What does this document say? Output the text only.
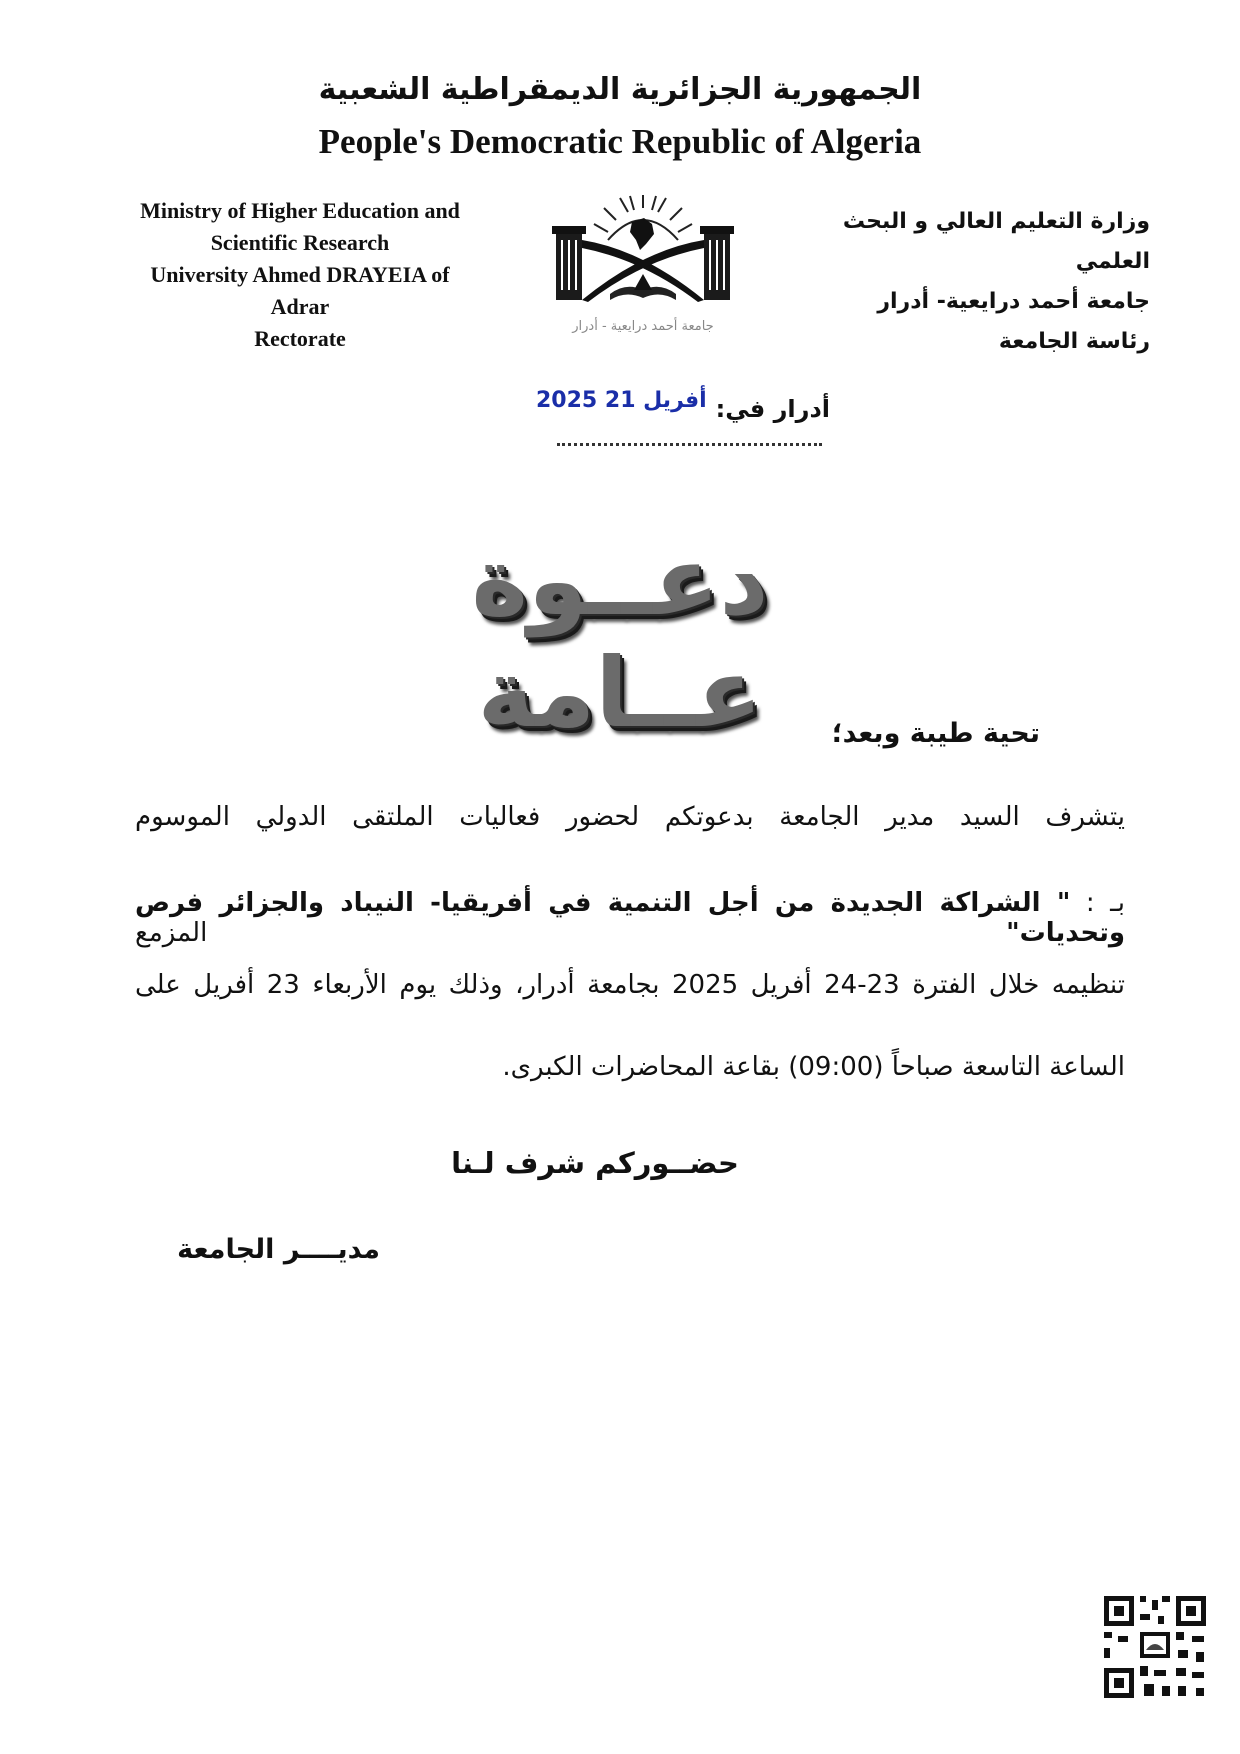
الجمهورية الجزائرية الديمقراطية الشعبية
People's Democratic Republic of Algeria
Ministry of Higher Education and
Scientific Research
University Ahmed DRAYEIA of
Adrar
Rectorate	جامعة أحمد درايعية - أدرار
وزارة التعليم العالي و البحث العلمي
جامعة أحمد درايعية- أدرار
رئاسة الجامعة
2025 أفريل 21 أدرار في:
دعــوة عــامة	تحية طيبة وبعد؛
يتشرف السيد مدير الجامعة بدعوتكم لحضور فعاليات الملتقى الدولي الموسوم
بـ : " الشراكة الجديدة من أجل التنمية في أفريقيا- النيباد والجزائر فرص وتحديات" المزمع
تنظيمه خلال الفترة 23-24 أفريل 2025 بجامعة أدرار، وذلك يوم الأربعاء 23 أفريل على
الساعة التاسعة صباحاً (09:00) بقاعة المحاضرات الكبرى.
حضــوركم شرف لـنا
مديــــر الجامعة
